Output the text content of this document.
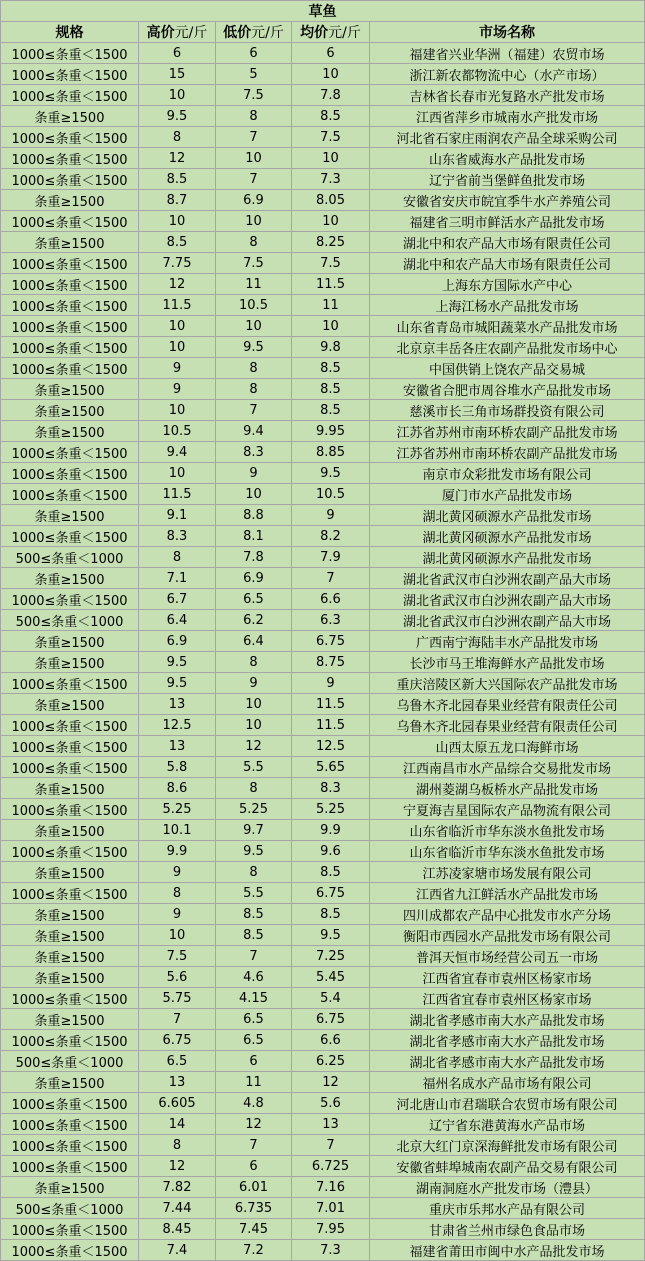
草鱼				
规格	高价元/斤	低价元/斤	均价元/斤	市场名称
1000≤条重＜1500	6	6	6	福建省兴业华洲（福建）农贸市场
1000≤条重＜1500	15	5	10	浙江新农都物流中心（水产市场）
1000≤条重＜1500	10	7.5	7.8	吉林省长春市光复路水产批发市场
条重≥1500	9.5	8	8.5	江西省萍乡市城南水产批发市场
1000≤条重＜1500	8	7	7.5	河北省石家庄雨润农产品全球采购公司
1000≤条重＜1500	12	10	10	山东省威海水产品批发市场
1000≤条重＜1500	8.5	7	7.3	辽宁省前当堡鲜鱼批发市场
条重≥1500	8.7	6.9	8.05	安徽省安庆市皖宜季牛水产养殖公司
1000≤条重＜1500	10	10	10	福建省三明市鲜活水产品批发市场
条重≥1500	8.5	8	8.25	湖北中和农产品大市场有限责任公司
1000≤条重＜1500	7.75	7.5	7.5	湖北中和农产品大市场有限责任公司
1000≤条重＜1500	12	11	11.5	上海东方国际水产中心
1000≤条重＜1500	11.5	10.5	11	上海江杨水产品批发市场
1000≤条重＜1500	10	10	10	山东省青岛市城阳蔬菜水产品批发市场
1000≤条重＜1500	10	9.5	9.8	北京京丰岳各庄农副产品批发市场中心
1000≤条重＜1500	9	8	8.5	中国供销上饶农产品交易城
条重≥1500	9	8	8.5	安徽省合肥市周谷堆水产品批发市场
条重≥1500	10	7	8.5	慈溪市长三角市场群投资有限公司
条重≥1500	10.5	9.4	9.95	江苏省苏州市南环桥农副产品批发市场
1000≤条重＜1500	9.4	8.3	8.85	江苏省苏州市南环桥农副产品批发市场
1000≤条重＜1500	10	9	9.5	南京市众彩批发市场有限公司
1000≤条重＜1500	11.5	10	10.5	厦门市水产品批发市场
条重≥1500	9.1	8.8	9	湖北黄冈硕源水产品批发市场
1000≤条重＜1500	8.3	8.1	8.2	湖北黄冈硕源水产品批发市场
500≤条重＜1000	8	7.8	7.9	湖北黄冈硕源水产品批发市场
条重≥1500	7.1	6.9	7	湖北省武汉市白沙洲农副产品大市场
1000≤条重＜1500	6.7	6.5	6.6	湖北省武汉市白沙洲农副产品大市场
500≤条重＜1000	6.4	6.2	6.3	湖北省武汉市白沙洲农副产品大市场
条重≥1500	6.9	6.4	6.75	广西南宁海陆丰水产品批发市场
条重≥1500	9.5	8	8.75	长沙市马王堆海鲜水产品批发市场
1000≤条重＜1500	9.5	9	9	重庆涪陵区新大兴国际农产品批发市场
条重≥1500	13	10	11.5	乌鲁木齐北园春果业经营有限责任公司
1000≤条重＜1500	12.5	10	11.5	乌鲁木齐北园春果业经营有限责任公司
1000≤条重＜1500	13	12	12.5	山西太原五龙口海鲜市场
1000≤条重＜1500	5.8	5.5	5.65	江西南昌市水产品综合交易批发市场
条重≥1500	8.6	8	8.3	湖州菱湖乌板桥水产品批发市场
1000≤条重＜1500	5.25	5.25	5.25	宁夏海吉星国际农产品物流有限公司
条重≥1500	10.1	9.7	9.9	山东省临沂市华东淡水鱼批发市场
1000≤条重＜1500	9.9	9.5	9.6	山东省临沂市华东淡水鱼批发市场
条重≥1500	9	8	8.5	江苏凌家塘市场发展有限公司
1000≤条重＜1500	8	5.5	6.75	江西省九江鲜活水产品批发市场
条重≥1500	9	8.5	8.5	四川成都农产品中心批发市水产分场
条重≥1500	10	8.5	9.5	衡阳市西园水产品批发市场有限公司
条重≥1500	7.5	7	7.25	普洱天恒市场经营公司五一市场
条重≥1500	5.6	4.6	5.45	江西省宜春市袁州区杨家市场
1000≤条重＜1500	5.75	4.15	5.4	江西省宜春市袁州区杨家市场
条重≥1500	7	6.5	6.75	湖北省孝感市南大水产品批发市场
1000≤条重＜1500	6.75	6.5	6.6	湖北省孝感市南大水产品批发市场
500≤条重＜1000	6.5	6	6.25	湖北省孝感市南大水产品批发市场
条重≥1500	13	11	12	福州名成水产品市场有限公司
1000≤条重＜1500	6.605	4.8	5.6	河北唐山市君瑞联合农贸市场有限公司
1000≤条重＜1500	14	12	13	辽宁省东港黄海水产品市场
1000≤条重＜1500	8	7	7	北京大红门京深海鲜批发市场有限公司
1000≤条重＜1500	12	6	6.725	安徽省蚌埠城南农副产品交易有限公司
条重≥1500	7.82	6.01	7.16	湖南洞庭水产批发市场（澧县）
500≤条重＜1000	7.44	6.735	7.01	重庆市乐邦水产品有限公司
1000≤条重＜1500	8.45	7.45	7.95	甘肃省兰州市绿色食品市场
1000≤条重＜1500	7.4	7.2	7.3	福建省莆田市闽中水产品批发市场
